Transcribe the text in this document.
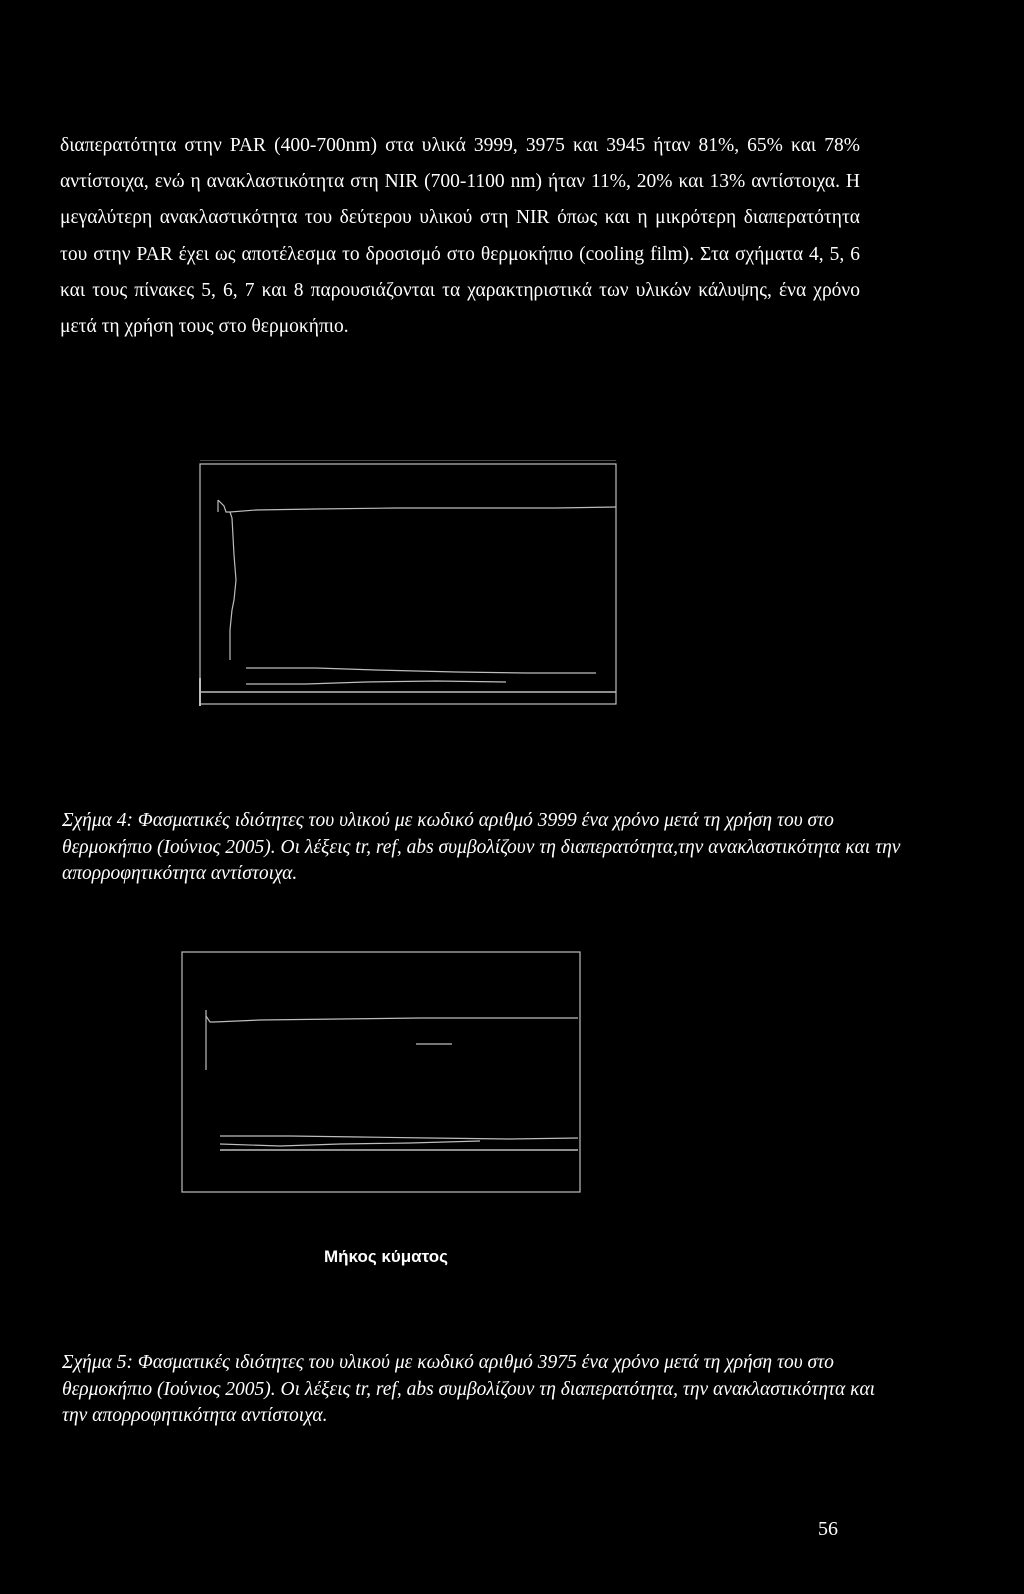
διαπερατότητα στην PAR (400-700nm) στα υλικά 3999, 3975 και 3945 ήταν 81%, 65% και 78% αντίστοιχα, ενώ η ανακλαστικότητα στη NIR (700-1100 nm) ήταν 11%, 20% και 13% αντίστοιχα. Η μεγαλύτερη ανακλαστικότητα του δεύτερου υλικού στη NIR όπως και η μικρότερη διαπερατότητα του στην PAR έχει ως αποτέλεσμα το δροσισμό στο θερμοκήπιο (cooling film). Στα σχήματα 4, 5, 6 και τους πίνακες 5, 6, 7 και 8 παρουσιάζονται τα χαρακτηριστικά των υλικών κάλυψης, ένα χρόνο μετά τη χρήση τους στο θερμοκήπιο.

Σχήμα 4: Φασματικές ιδιότητες του υλικού με κωδικό αριθμό 3999 ένα χρόνο μετά τη χρήση του στο θερμοκήπιο (Ιούνιος 2005). Οι λέξεις tr, ref, abs συμβολίζουν τη διαπερατότητα,την ανακλαστικότητα και την απορροφητικότητα αντίστοιχα.

Μήκος κύματος

Σχήμα 5: Φασματικές ιδιότητες του υλικού με κωδικό αριθμό 3975 ένα χρόνο μετά τη χρήση του στο θερμοκήπιο (Ιούνιος 2005). Οι λέξεις tr, ref, abs συμβολίζουν τη διαπερατότητα, την ανακλαστικότητα και την απορροφητικότητα αντίστοιχα.

56
